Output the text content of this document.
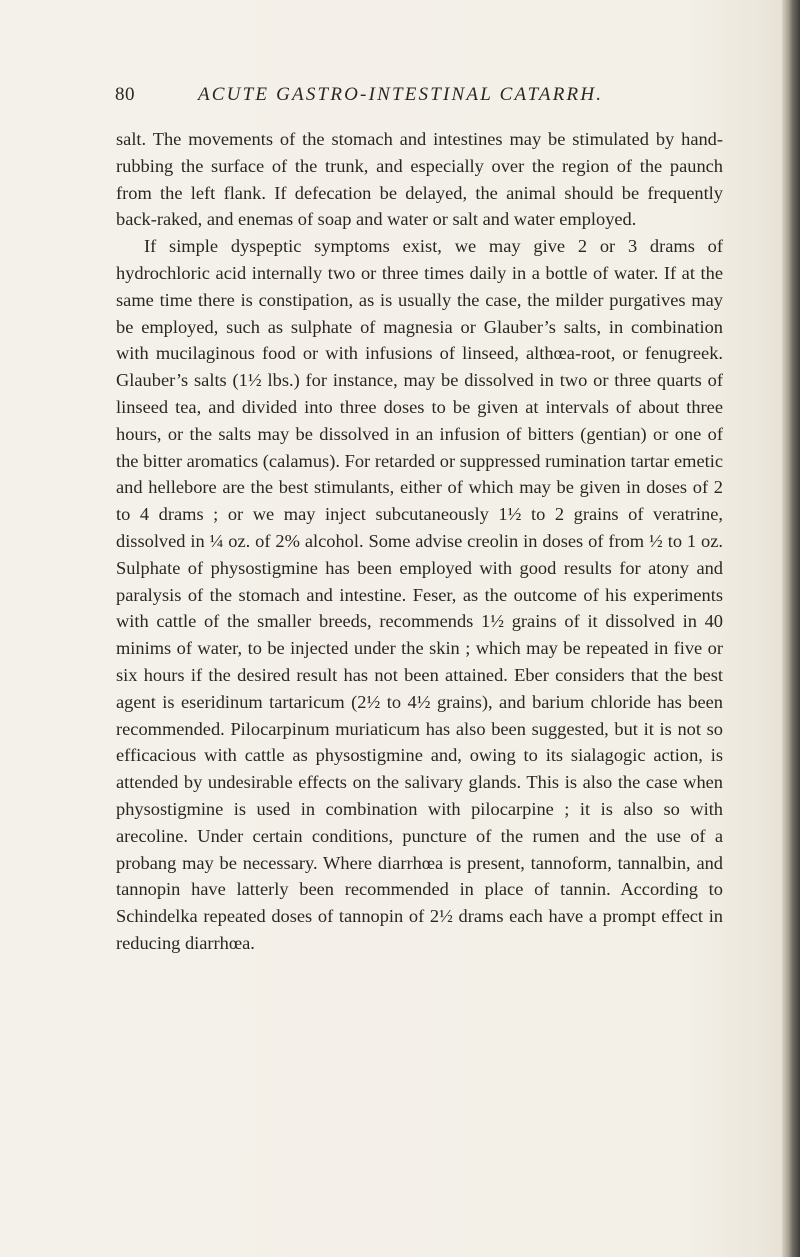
80	ACUTE GASTRO-INTESTINAL CATARRH.

salt. The movements of the stomach and intestines may be stimulated by hand-rubbing the surface of the trunk, and especially over the region of the paunch from the left flank. If defecation be delayed, the animal should be frequently back-raked, and enemas of soap and water or salt and water employed.

If simple dyspeptic symptoms exist, we may give 2 or 3 drams of hydrochloric acid internally two or three times daily in a bottle of water. If at the same time there is constipation, as is usually the case, the milder purgatives may be employed, such as sulphate of magnesia or Glauber’s salts, in combination with mucilaginous food or with infusions of linseed, althœa-root, or fenugreek. Glauber’s salts (1½ lbs.) for instance, may be dissolved in two or three quarts of linseed tea, and divided into three doses to be given at intervals of about three hours, or the salts may be dissolved in an infusion of bitters (gentian) or one of the bitter aromatics (calamus). For retarded or suppressed rumination tartar emetic and hellebore are the best stimulants, either of which may be given in doses of 2 to 4 drams ; or we may inject subcutaneously 1½ to 2 grains of veratrine, dissolved in ¼ oz. of 2% alcohol. Some advise creolin in doses of from ½ to 1 oz. Sulphate of physostigmine has been employed with good results for atony and paralysis of the stomach and intestine. Feser, as the outcome of his experiments with cattle of the smaller breeds, recommends 1½ grains of it dissolved in 40 minims of water, to be injected under the skin ; which may be repeated in five or six hours if the desired result has not been attained. Eber considers that the best agent is eseridinum tartaricum (2½ to 4½ grains), and barium chloride has been recommended. Pilocarpinum muriaticum has also been suggested, but it is not so efficacious with cattle as physostigmine and, owing to its sialagogic action, is attended by undesirable effects on the salivary glands. This is also the case when physostigmine is used in combination with pilocarpine ; it is also so with arecoline. Under certain conditions, puncture of the rumen and the use of a probang may be necessary. Where diarrhœa is present, tannoform, tannalbin, and tannopin have latterly been recommended in place of tannin. According to Schindelka repeated doses of tannopin of 2½ drams each have a prompt effect in reducing diarrhœa.
